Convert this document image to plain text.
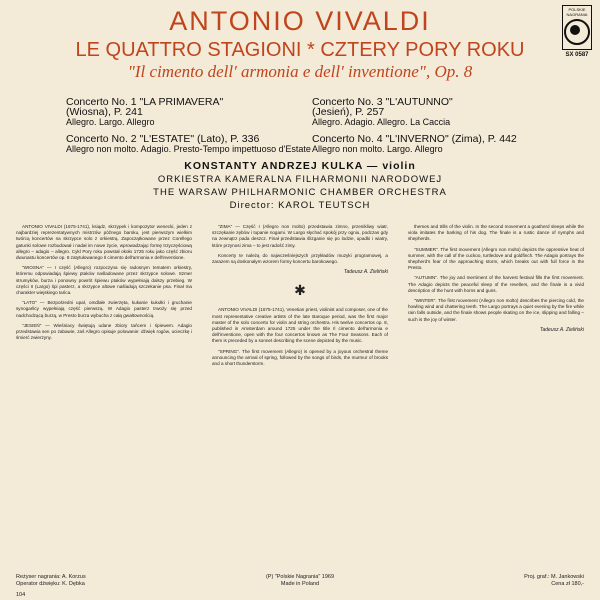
ANTONIO VIVALDI
LE QUATTRO STAGIONI * CZTERY PORY ROKU
"Il cimento dell' armonia e dell' inventione", Op. 8
POLSKIE NAGRANIA
SX 0587
Concerto No. 1 "LA PRIMAVERA"
(Wiosna), P. 241
Allegro. Largo. Allegro
Concerto No. 2 "L'ESTATE" (Lato), P. 336
Allegro non molto. Adagio. Presto-Tempo impettuoso d'Estate
Concerto No. 3 "L'AUTUNNO"
(Jesień), P. 257
Allegro. Adagio. Allegro. La Caccia
Concerto No. 4 "L'INVERNO" (Zima), P. 442
Allegro non molto. Largo. Allegro
KONSTANTY ANDRZEJ KULKA — violin
ORKIESTRA KAMERALNA FILHARMONII NARODOWEJ
THE WARSAW PHILHARMONIC CHAMBER ORCHESTRA
Director: KAROL TEUTSCH

ANTONIO VIVALDI (1675-1741), ksiądz, skrzypek i kompozytor wenecki, jeden z najbardziej reprezentatywnych mistrzów późnego baroku, jest pierwszym wielkim twórcą koncertów na skrzypce solo z orkiestrą. Zapoczątkowane przez Corellego gatunki solowe rozbudował i nadał im nowe życie, wprowadzając formę trzyczęściową allegro – adagio – allegro. Cykl Pory roku powstał około 1725 roku jako część zbioru dwunastu koncertów op. 8 zatytułowanego Il cimento dell'armonia e dell'inventione.

"WIOSNA" — I część (Allegro) rozpoczyna się radosnym tematem orkiestry, któremu odpowiadają śpiewy ptaków naśladowane przez skrzypce solowe. Szmer strumyków, burza i ponowny powrót śpiewu ptaków wypełniają dalszy przebieg. W części II (Largo) śpi pasterz, a skrzypce altowe naśladują szczekanie psa. Finał ma charakter wiejskiego tańca.

"LATO" — Bezpośredni upał, omdlałe zwierzęta, kukanie kukułki i gruchanie synogarlicy wypełniają część pierwszą. W Adagio pasterz trwoży się przed nadchodzącą burzą, w Presto burza wybucha z całą gwałtownością.

"JESIEŃ" — Wieśniacy świętują udane zbiory tańcem i śpiewem. Adagio przedstawia sen po zabawie, zaś Allegro opisuje polowanie: dźwięk rogów, ucieczkę i śmierć zwierzyny.

"ZIMA" — Część I (Allegro non molto) przedstawia zimno, przenikliwy wiatr, szczękanie zębów i tupanie nogami. W Largo słychać spokój przy ogniu, podczas gdy na zewnątrz pada deszcz. Finał przedstawia ślizganie się po lodzie, upadki i wiatry, które przynosi zima – to jest radość zimy.

Koncerty te należą do najwcześniejszych przykładów muzyki programowej, a zarazem są doskonałym wzorem formy koncertu barokowego.

Tadeusz A. Zieliński
✱

ANTONIO VIVALDI (1675-1741), Venetian priest, violinist and composer, one of the most representative creative artists of the late Baroque period, was the first major master of the solo concerto for violin and string orchestra. His twelve concertos op. 8, published in Amsterdam around 1725 under the title Il cimento dell'armonia e dell'inventione, open with the four concertos known as The Four Seasons. Each of them is preceded by a sonnet describing the scene depicted by the music.

"SPRING". The first movement (Allegro) is opened by a joyous orchestral theme announcing the arrival of spring, followed by the songs of birds, the murmur of brooks and a short thunderstorm.

themes and trills of the violin. In the second movement a goatherd sleeps while the viola imitates the barking of his dog. The finale is a rustic dance of nymphs and shepherds.

"SUMMER". The first movement (Allegro non molto) depicts the oppressive heat of summer, with the call of the cuckoo, turtledove and goldfinch. The Adagio portrays the shepherd's fear of the approaching storm, which breaks out with full force in the Presto.

"AUTUMN". The joy and merriment of the harvest festival fills the first movement. The Adagio depicts the peaceful sleep of the revellers, and the finale is a vivid description of the hunt with horns and guns.

"WINTER". The first movement (Allegro non molto) describes the piercing cold, the howling wind and chattering teeth. The Largo portrays a quiet evening by the fire while rain falls outside, and the finale shows people skating on the ice, slipping and falling – such is the joy of winter.

Tadeusz A. Zieliński
Reżyser nagrania: A. Korzus
Operator dźwięku: K. Dębka
(P) "Polskie Nagrania" 1969
Made in Poland
Proj. graf.: M. Jankowski
Cena zł 180,-
104
